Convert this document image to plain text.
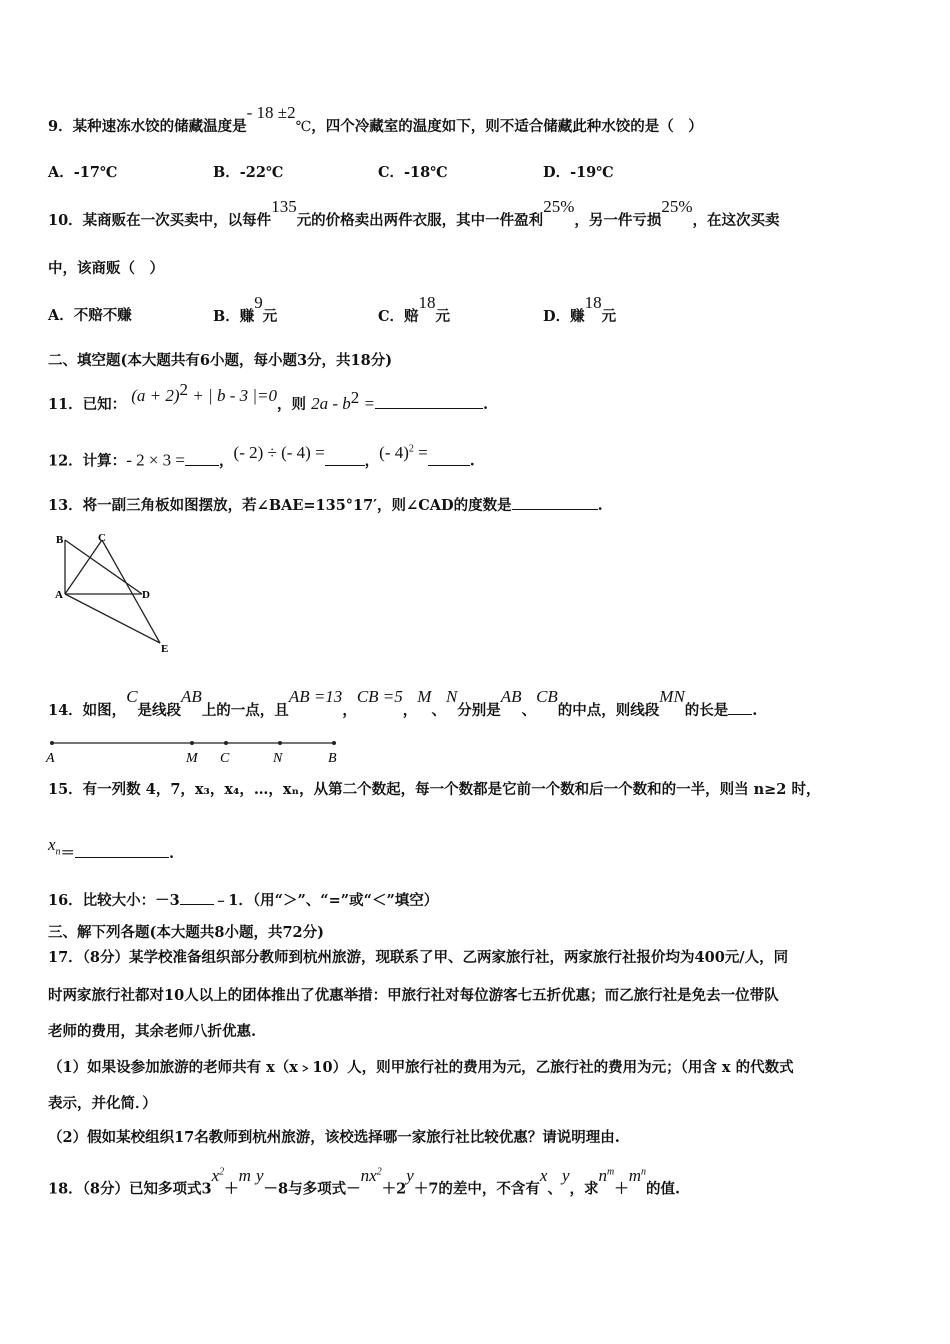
9．某种速冻水饺的储藏温度是- 18 ±2℃，四个冷藏室的温度如下，则不适合储藏此种水饺的是（　）
A．-17℃	B．-22℃	C．-18℃	D．-19℃
10．某商贩在一次买卖中，以每件135元的价格卖出两件衣服，其中一件盈利25%，另一件亏损25%，在这次买卖
中，该商贩（　）
A．不赔不赚	B．赚9元	C．赔18元	D．赚18元
二、填空题(本大题共有6小题，每小题3分，共18分)
11．已知： $(a + 2)^2$ + | b - 3 |=0，则 $2a - b^2$ =	.
12．计算：- 2 × 3 = ，(- 2) ÷ (- 4) =	，(- 4)$^2$ =	.
13．将一副三角板如图摆放，若∠BAE=135°17′，则∠CAD的度数是	.
B	C
A	D
E
14．如图，C是线段AB上的一点，且AB =13，CB =5，M、N分别是AB、CB的中点，则线段MN的长是 .
A	M C	N	B
15．有一列数 4，7，x₃，x₄，…，xₙ，从第二个数起，每一个数都是它前一个数和后一个数和的一半，则当 n≥2 时，
$x_n=$	.
16．比较大小：－3 ﹣1．（用“＞”、“=”或“＜”填空）
三、解下列各题(本大题共8小题，共72分)
17．（8分）某学校准备组织部分教师到杭州旅游，现联系了甲、乙两家旅行社，两家旅行社报价均为400元/人，同
时两家旅行社都对10人以上的团体推出了优惠举措：甲旅行社对每位游客七五折优惠；而乙旅行社是免去一位带队
老师的费用，其余老师八折优惠.
（1）如果设参加旅游的老师共有 x（x﹥10）人，则甲旅行社的费用为元，乙旅行社的费用为元；（用含 x 的代数式
表示，并化简．）
（2）假如某校组织17名教师到杭州旅游，该校选择哪一家旅行社比较优惠？请说明理由.
18．（8分）已知多项式$3x^2+m$ y－8与多项式$-nx^2+2y+7$的差中，不含有x、y，求$n^m+m^n$的值.
